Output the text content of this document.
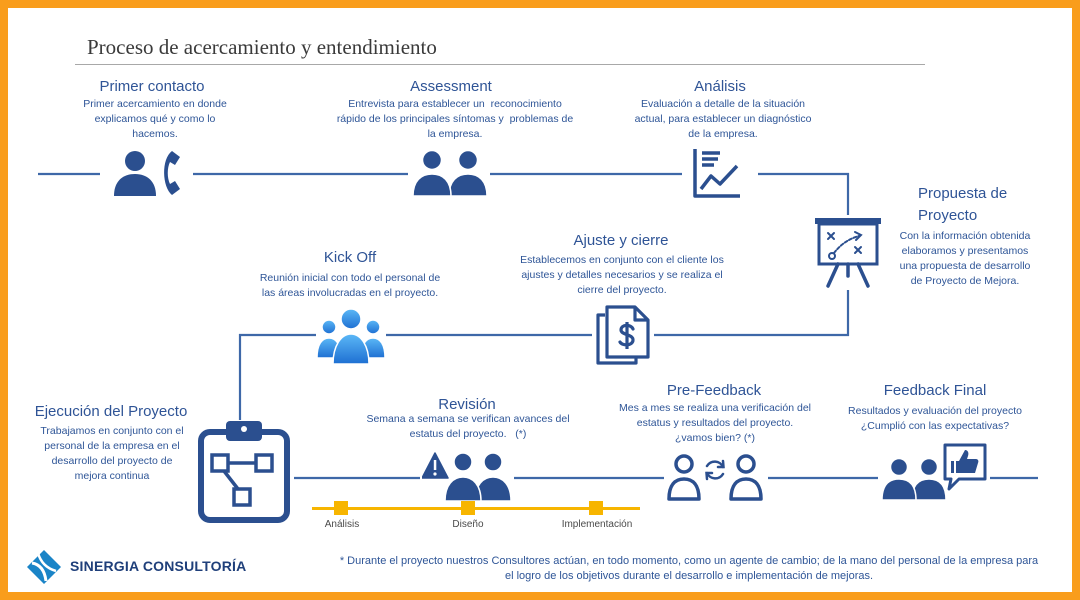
Proceso de acercamiento y entendimiento
Primer contacto
Primer acercamiento en donde
explicamos qué y como lo
hacemos.
Assessment
Entrevista para establecer un  reconocimiento
rápido de los principales síntomas y  problemas de
la empresa.
Análisis
Evaluación a detalle de la situación
actual, para establecer un diagnóstico
de la empresa.
Propuesta de
Proyecto
Con la información obtenida
elaboramos y presentamos
una propuesta de desarrollo
de Proyecto de Mejora.
Kick Off
Reunión inicial con todo el personal de
las áreas involucradas en el proyecto.
Ajuste y cierre
Establecemos en conjunto con el cliente los
ajustes y detalles necesarios y se realiza el
cierre del proyecto.
Ejecución del Proyecto
Trabajamos en conjunto con el
personal de la empresa en el
desarrollo del proyecto de
mejora continua
Revisión
Semana a semana se verifican avances del
estatus del proyecto.   (*)
Pre-Feedback
Mes a mes se realiza una verificación del
estatus y resultados del proyecto.
¿vamos bien? (*)
Feedback Final
Resultados y evaluación del proyecto
¿Cumplió con las expectativas?
Análisis	Diseño	Implementación
SINERGIA CONSULTORÍA	* Durante el proyecto nuestros Consultores actúan, en todo momento, como un agente de cambio; de la mano del personal de la empresa para
el logro de los objetivos durante el desarrollo e implementación de mejoras.
